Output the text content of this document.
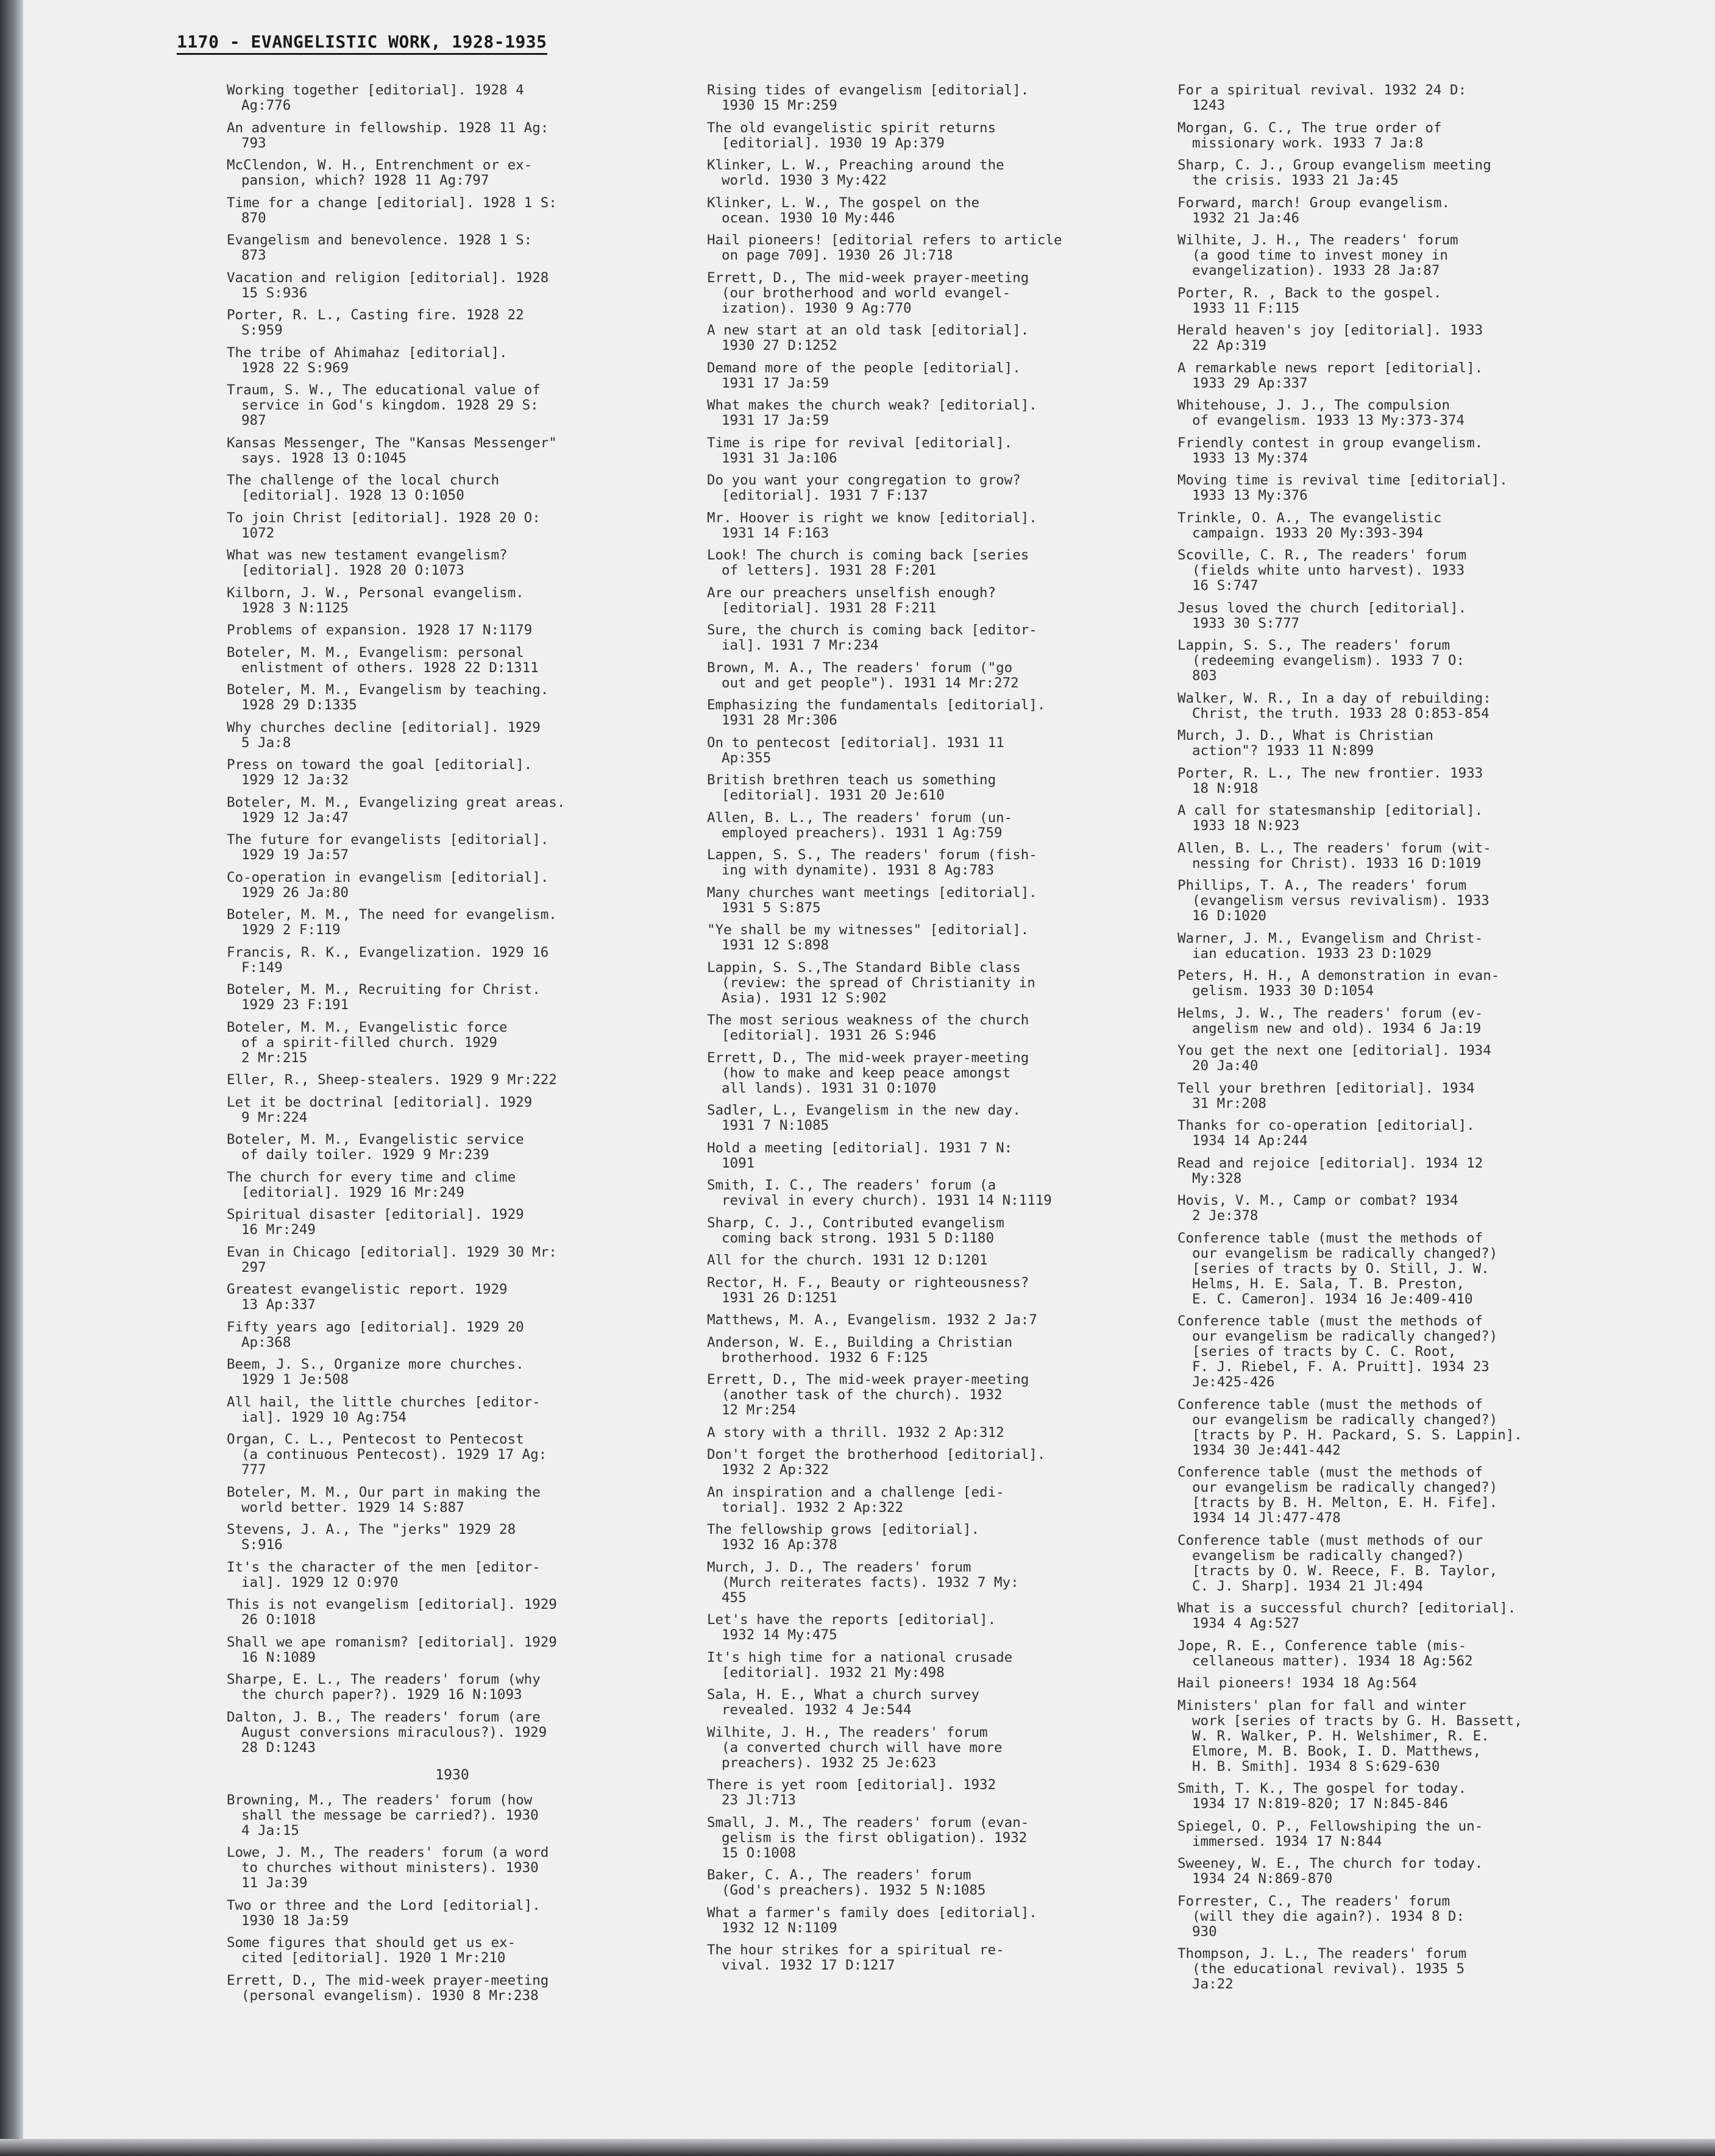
1170 - EVANGELISTIC WORK, 1928-1935
Working together [editorial]. 1928 4
Ag:776
An adventure in fellowship. 1928 11 Ag:
793
McClendon, W. H., Entrenchment or ex-
pansion, which? 1928 11 Ag:797
Time for a change [editorial]. 1928 1 S:
870
Evangelism and benevolence. 1928 1 S:
873
Vacation and religion [editorial]. 1928
15 S:936
Porter, R. L., Casting fire. 1928 22
S:959
The tribe of Ahimahaz [editorial].
1928 22 S:969
Traum, S. W., The educational value of
service in God's kingdom. 1928 29 S:
987
Kansas Messenger, The "Kansas Messenger"
says. 1928 13 O:1045
The challenge of the local church
[editorial]. 1928 13 O:1050
To join Christ [editorial]. 1928 20 O:
1072
What was new testament evangelism?
[editorial]. 1928 20 O:1073
Kilborn, J. W., Personal evangelism.
1928 3 N:1125
Problems of expansion. 1928 17 N:1179
Boteler, M. M., Evangelism: personal
enlistment of others. 1928 22 D:1311
Boteler, M. M., Evangelism by teaching.
1928 29 D:1335
Why churches decline [editorial]. 1929
5 Ja:8
Press on toward the goal [editorial].
1929 12 Ja:32
Boteler, M. M., Evangelizing great areas.
1929 12 Ja:47
The future for evangelists [editorial].
1929 19 Ja:57
Co-operation in evangelism [editorial].
1929 26 Ja:80
Boteler, M. M., The need for evangelism.
1929 2 F:119
Francis, R. K., Evangelization. 1929 16
F:149
Boteler, M. M., Recruiting for Christ.
1929 23 F:191
Boteler, M. M., Evangelistic force
of a spirit-filled church. 1929
2 Mr:215
Eller, R., Sheep-stealers. 1929 9 Mr:222
Let it be doctrinal [editorial]. 1929
9 Mr:224
Boteler, M. M., Evangelistic service
of daily toiler. 1929 9 Mr:239
The church for every time and clime
[editorial]. 1929 16 Mr:249
Spiritual disaster [editorial]. 1929
16 Mr:249
Evan in Chicago [editorial]. 1929 30 Mr:
297
Greatest evangelistic report. 1929
13 Ap:337
Fifty years ago [editorial]. 1929 20
Ap:368
Beem, J. S., Organize more churches.
1929 1 Je:508
All hail, the little churches [editor-
ial]. 1929 10 Ag:754
Organ, C. L., Pentecost to Pentecost
(a continuous Pentecost). 1929 17 Ag:
777
Boteler, M. M., Our part in making the
world better. 1929 14 S:887
Stevens, J. A., The "jerks" 1929 28
S:916
It's the character of the men [editor-
ial]. 1929 12 O:970
This is not evangelism [editorial]. 1929
26 O:1018
Shall we ape romanism? [editorial]. 1929
16 N:1089
Sharpe, E. L., The readers' forum (why
the church paper?). 1929 16 N:1093
Dalton, J. B., The readers' forum (are
August conversions miraculous?). 1929
28 D:1243
1930
Browning, M., The readers' forum (how
shall the message be carried?). 1930
4 Ja:15
Lowe, J. M., The readers' forum (a word
to churches without ministers). 1930
11 Ja:39
Two or three and the Lord [editorial].
1930 18 Ja:59
Some figures that should get us ex-
cited [editorial]. 1920 1 Mr:210
Errett, D., The mid-week prayer-meeting
(personal evangelism). 1930 8 Mr:238
Rising tides of evangelism [editorial].
1930 15 Mr:259
The old evangelistic spirit returns
[editorial]. 1930 19 Ap:379
Klinker, L. W., Preaching around the
world. 1930 3 My:422
Klinker, L. W., The gospel on the
ocean. 1930 10 My:446
Hail pioneers! [editorial refers to article
on page 709]. 1930 26 Jl:718
Errett, D., The mid-week prayer-meeting
(our brotherhood and world evangel-
ization). 1930 9 Ag:770
A new start at an old task [editorial].
1930 27 D:1252
Demand more of the people [editorial].
1931 17 Ja:59
What makes the church weak? [editorial].
1931 17 Ja:59
Time is ripe for revival [editorial].
1931 31 Ja:106
Do you want your congregation to grow?
[editorial]. 1931 7 F:137
Mr. Hoover is right we know [editorial].
1931 14 F:163
Look! The church is coming back [series
of letters]. 1931 28 F:201
Are our preachers unselfish enough?
[editorial]. 1931 28 F:211
Sure, the church is coming back [editor-
ial]. 1931 7 Mr:234
Brown, M. A., The readers' forum ("go
out and get people"). 1931 14 Mr:272
Emphasizing the fundamentals [editorial].
1931 28 Mr:306
On to pentecost [editorial]. 1931 11
Ap:355
British brethren teach us something
[editorial]. 1931 20 Je:610
Allen, B. L., The readers' forum (un-
employed preachers). 1931 1 Ag:759
Lappen, S. S., The readers' forum (fish-
ing with dynamite). 1931 8 Ag:783
Many churches want meetings [editorial].
1931 5 S:875
"Ye shall be my witnesses" [editorial].
1931 12 S:898
Lappin, S. S.,The Standard Bible class
(review: the spread of Christianity in
Asia). 1931 12 S:902
The most serious weakness of the church
[editorial]. 1931 26 S:946
Errett, D., The mid-week prayer-meeting
(how to make and keep peace amongst
all lands). 1931 31 O:1070
Sadler, L., Evangelism in the new day.
1931 7 N:1085
Hold a meeting [editorial]. 1931 7 N:
1091
Smith, I. C., The readers' forum (a
revival in every church). 1931 14 N:1119
Sharp, C. J., Contributed evangelism
coming back strong. 1931 5 D:1180
All for the church. 1931 12 D:1201
Rector, H. F., Beauty or righteousness?
1931 26 D:1251
Matthews, M. A., Evangelism. 1932 2 Ja:7
Anderson, W. E., Building a Christian
brotherhood. 1932 6 F:125
Errett, D., The mid-week prayer-meeting
(another task of the church). 1932
12 Mr:254
A story with a thrill. 1932 2 Ap:312
Don't forget the brotherhood [editorial].
1932 2 Ap:322
An inspiration and a challenge [edi-
torial]. 1932 2 Ap:322
The fellowship grows [editorial].
1932 16 Ap:378
Murch, J. D., The readers' forum
(Murch reiterates facts). 1932 7 My:
455
Let's have the reports [editorial].
1932 14 My:475
It's high time for a national crusade
[editorial]. 1932 21 My:498
Sala, H. E., What a church survey
revealed. 1932 4 Je:544
Wilhite, J. H., The readers' forum
(a converted church will have more
preachers). 1932 25 Je:623
There is yet room [editorial]. 1932
23 Jl:713
Small, J. M., The readers' forum (evan-
gelism is the first obligation). 1932
15 O:1008
Baker, C. A., The readers' forum
(God's preachers). 1932 5 N:1085
What a farmer's family does [editorial].
1932 12 N:1109
The hour strikes for a spiritual re-
vival. 1932 17 D:1217
For a spiritual revival. 1932 24 D:
1243
Morgan, G. C., The true order of
missionary work. 1933 7 Ja:8
Sharp, C. J., Group evangelism meeting
the crisis. 1933 21 Ja:45
Forward, march! Group evangelism.
1932 21 Ja:46
Wilhite, J. H., The readers' forum
(a good time to invest money in
evangelization). 1933 28 Ja:87
Porter, R. , Back to the gospel.
1933 11 F:115
Herald heaven's joy [editorial]. 1933
22 Ap:319
A remarkable news report [editorial].
1933 29 Ap:337
Whitehouse, J. J., The compulsion
of evangelism. 1933 13 My:373-374
Friendly contest in group evangelism.
1933 13 My:374
Moving time is revival time [editorial].
1933 13 My:376
Trinkle, O. A., The evangelistic
campaign. 1933 20 My:393-394
Scoville, C. R., The readers' forum
(fields white unto harvest). 1933
16 S:747
Jesus loved the church [editorial].
1933 30 S:777
Lappin, S. S., The readers' forum
(redeeming evangelism). 1933 7 O:
803
Walker, W. R., In a day of rebuilding:
Christ, the truth. 1933 28 O:853-854
Murch, J. D., What is Christian
action"? 1933 11 N:899
Porter, R. L., The new frontier. 1933
18 N:918
A call for statesmanship [editorial].
1933 18 N:923
Allen, B. L., The readers' forum (wit-
nessing for Christ). 1933 16 D:1019
Phillips, T. A., The readers' forum
(evangelism versus revivalism). 1933
16 D:1020
Warner, J. M., Evangelism and Christ-
ian education. 1933 23 D:1029
Peters, H. H., A demonstration in evan-
gelism. 1933 30 D:1054
Helms, J. W., The readers' forum (ev-
angelism new and old). 1934 6 Ja:19
You get the next one [editorial]. 1934
20 Ja:40
Tell your brethren [editorial]. 1934
31 Mr:208
Thanks for co-operation [editorial].
1934 14 Ap:244
Read and rejoice [editorial]. 1934 12
My:328
Hovis, V. M., Camp or combat? 1934
2 Je:378
Conference table (must the methods of
our evangelism be radically changed?)
[series of tracts by O. Still, J. W.
Helms, H. E. Sala, T. B. Preston,
E. C. Cameron]. 1934 16 Je:409-410
Conference table (must the methods of
our evangelism be radically changed?)
[series of tracts by C. C. Root,
F. J. Riebel, F. A. Pruitt]. 1934 23
Je:425-426
Conference table (must the methods of
our evangelism be radically changed?)
[tracts by P. H. Packard, S. S. Lappin].
1934 30 Je:441-442
Conference table (must the methods of
our evangelism be radically changed?)
[tracts by B. H. Melton, E. H. Fife].
1934 14 Jl:477-478
Conference table (must methods of our
evangelism be radically changed?)
[tracts by O. W. Reece, F. B. Taylor,
C. J. Sharp]. 1934 21 Jl:494
What is a successful church? [editorial].
1934 4 Ag:527
Jope, R. E., Conference table (mis-
cellaneous matter). 1934 18 Ag:562
Hail pioneers! 1934 18 Ag:564
Ministers' plan for fall and winter
work [series of tracts by G. H. Bassett,
W. R. Walker, P. H. Welshimer, R. E.
Elmore, M. B. Book, I. D. Matthews,
H. B. Smith]. 1934 8 S:629-630
Smith, T. K., The gospel for today.
1934 17 N:819-820; 17 N:845-846
Spiegel, O. P., Fellowshiping the un-
immersed. 1934 17 N:844
Sweeney, W. E., The church for today.
1934 24 N:869-870
Forrester, C., The readers' forum
(will they die again?). 1934 8 D:
930
Thompson, J. L., The readers' forum
(the educational revival). 1935 5
Ja:22
